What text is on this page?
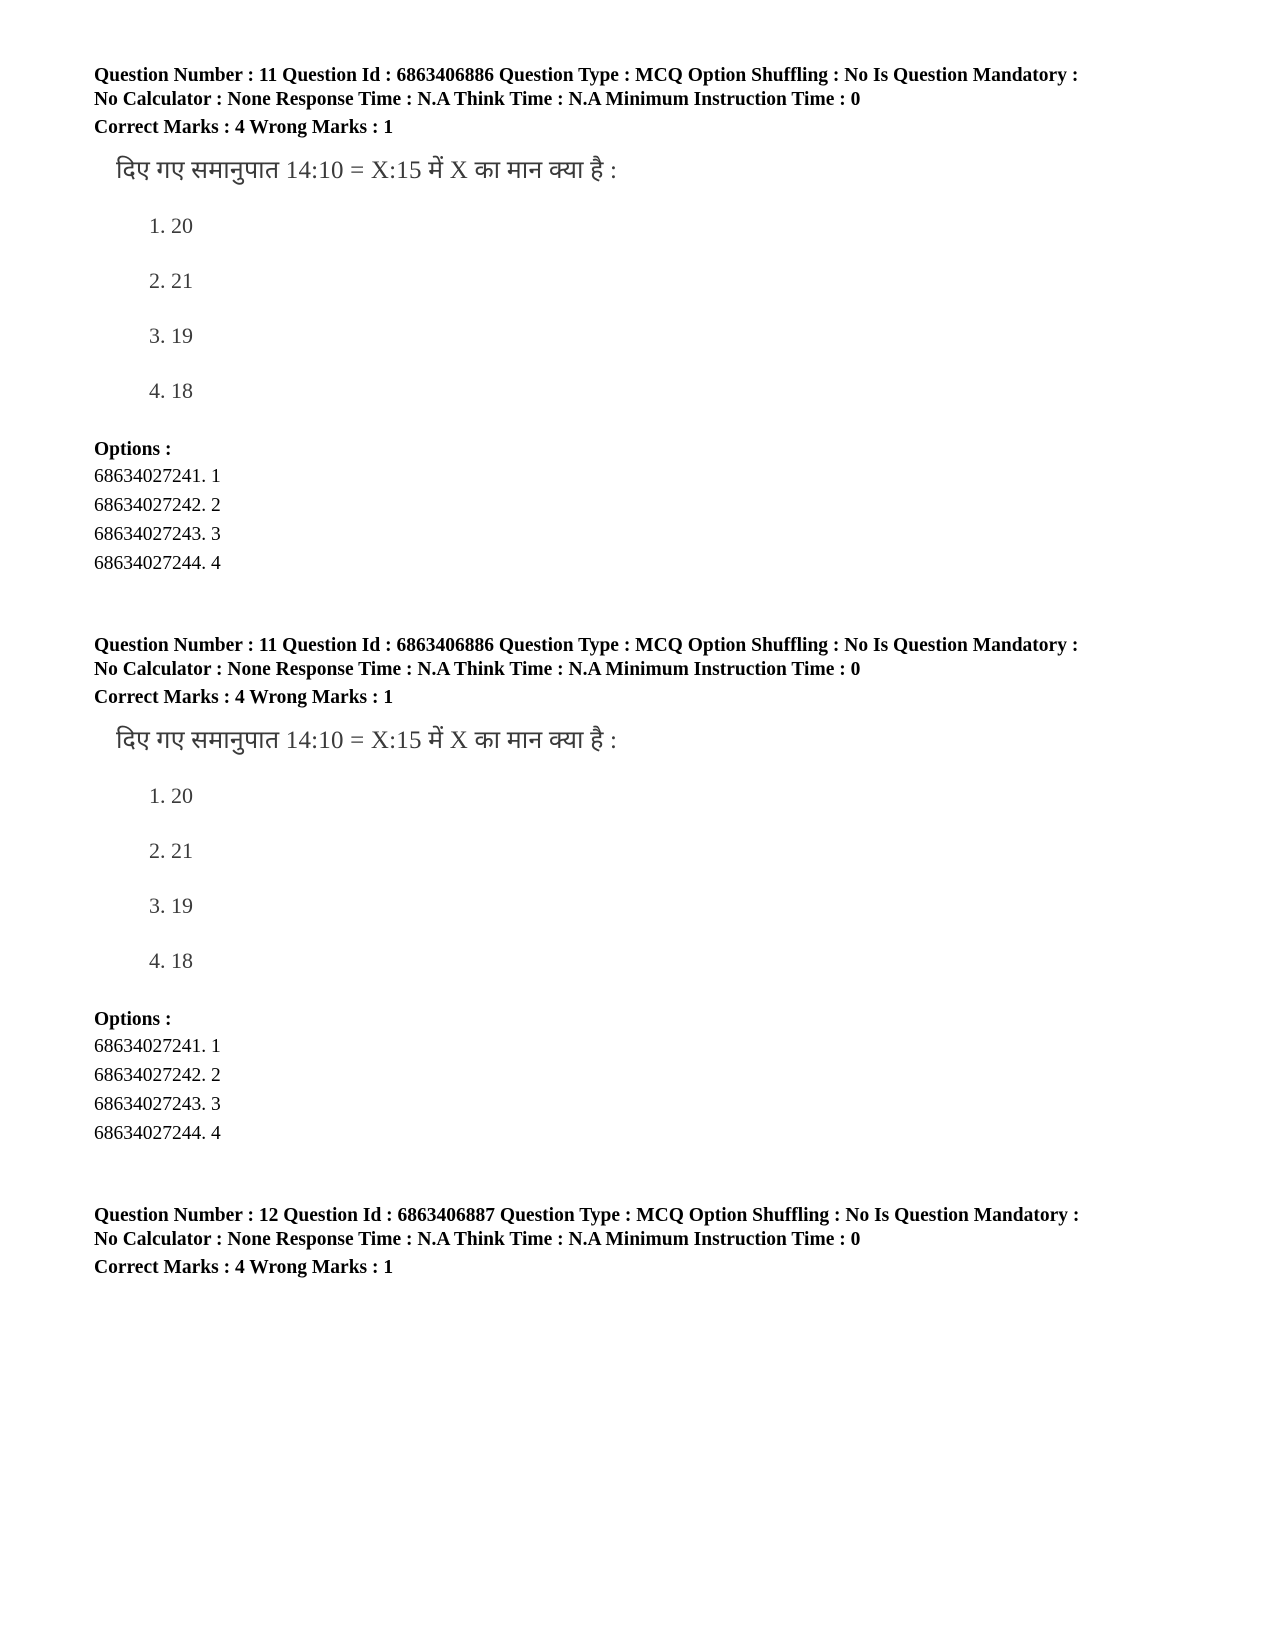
Question Number : 11 Question Id : 6863406886 Question Type : MCQ Option Shuffling : No Is Question Mandatory :
No Calculator : None Response Time : N.A Think Time : N.A Minimum Instruction Time : 0
Correct Marks : 4 Wrong Marks : 1
दिए गए समानुपात 14:10 = X:15 में X का मान क्या है :
1. 20
2. 21
3. 19
4. 18
Options :
68634027241. 1
68634027242. 2
68634027243. 3
68634027244. 4
Question Number : 11 Question Id : 6863406886 Question Type : MCQ Option Shuffling : No Is Question Mandatory :
No Calculator : None Response Time : N.A Think Time : N.A Minimum Instruction Time : 0
Correct Marks : 4 Wrong Marks : 1
दिए गए समानुपात 14:10 = X:15 में X का मान क्या है :
1. 20
2. 21
3. 19
4. 18
Options :
68634027241. 1
68634027242. 2
68634027243. 3
68634027244. 4
Question Number : 12 Question Id : 6863406887 Question Type : MCQ Option Shuffling : No Is Question Mandatory :
No Calculator : None Response Time : N.A Think Time : N.A Minimum Instruction Time : 0
Correct Marks : 4 Wrong Marks : 1
